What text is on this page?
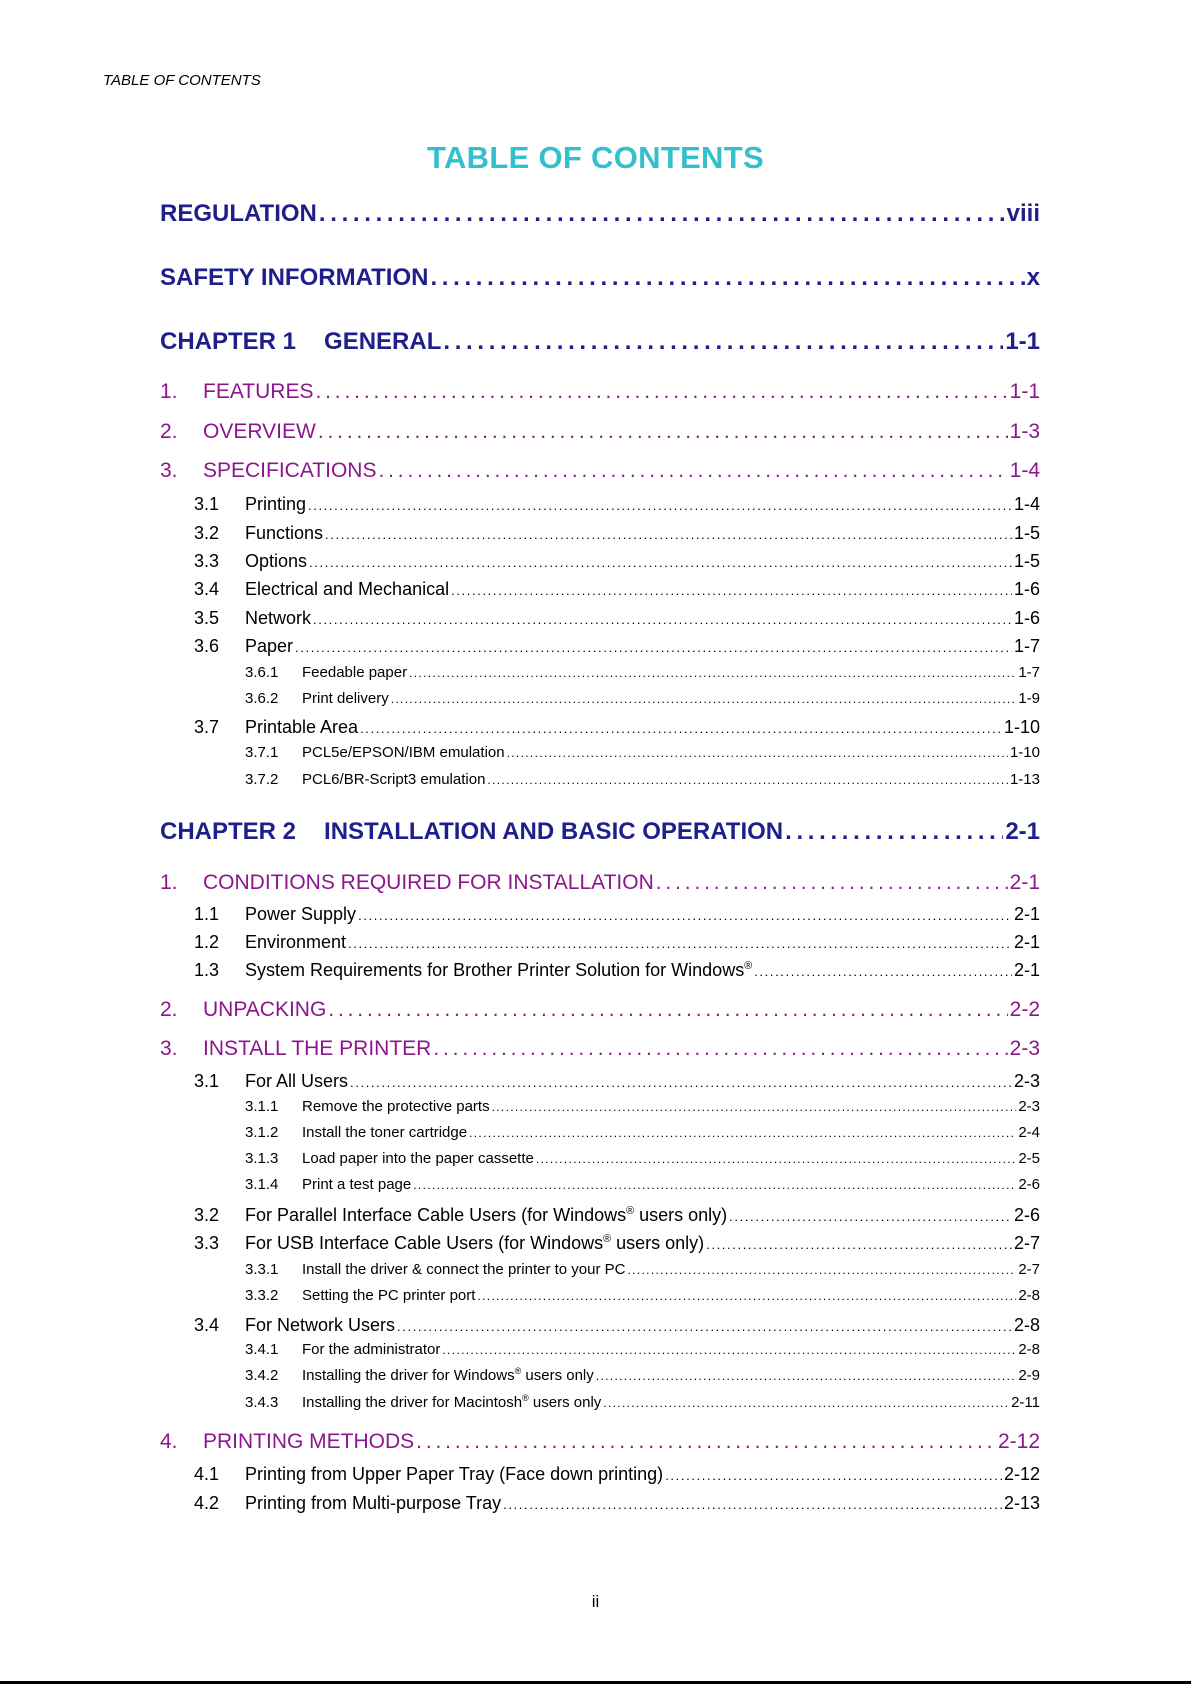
TABLE OF CONTENTS
TABLE OF CONTENTS
REGULATION . . .	viii
SAFETY INFORMATION . . .	x
CHAPTER 1 GENERAL . . .	1-1
1.	FEATURES . . .	1-1
2.	OVERVIEW . . .	1-3
3.	SPECIFICATIONS . . .	1-4
3.1	Printing . . .	1-4
3.2	Functions . . .	1-5
3.3	Options . . .	1-5
3.4	Electrical and Mechanical . . .	1-6
3.5	Network . . .	1-6
3.6	Paper . . .	1-7
3.6.1	Feedable paper . . .	1-7
3.6.2	Print delivery . . .	1-9
3.7	Printable Area . . .	1-10
3.7.1	PCL5e/EPSON/IBM emulation . . .	1-10
3.7.2	PCL6/BR-Script3 emulation . . .	1-13
CHAPTER 2 INSTALLATION AND BASIC OPERATION . . .	2-1
1.	CONDITIONS REQUIRED FOR INSTALLATION . . .	2-1
1.1	Power Supply . . .	2-1
1.2	Environment . . .	2-1
1.3	System Requirements for Brother Printer Solution for Windows® . . .	2-1
2.	UNPACKING . . .	2-2
3.	INSTALL THE PRINTER . . .	2-3
3.1	For All Users . . .	2-3
3.1.1	Remove the protective parts . . .	2-3
3.1.2	Install the toner cartridge . . .	2-4
3.1.3	Load paper into the paper cassette . . .	2-5
3.1.4	Print a test page . . .	2-6
3.2	For Parallel Interface Cable Users (for Windows® users only) . . .	2-6
3.3	For USB Interface Cable Users (for Windows® users only) . . .	2-7
3.3.1	Install the driver & connect the printer to your PC . . .	2-7
3.3.2	Setting the PC printer port . . .	2-8
3.4	For Network Users . . .	2-8
3.4.1	For the administrator . . .	2-8
3.4.2	Installing the driver for Windows® users only . . .	2-9
3.4.3	Installing the driver for Macintosh® users only . . .	2-11
4.	PRINTING METHODS . . .	2-12
4.1	Printing from Upper Paper Tray (Face down printing) . . .	2-12
4.2	Printing from Multi-purpose Tray . . .	2-13
ii
